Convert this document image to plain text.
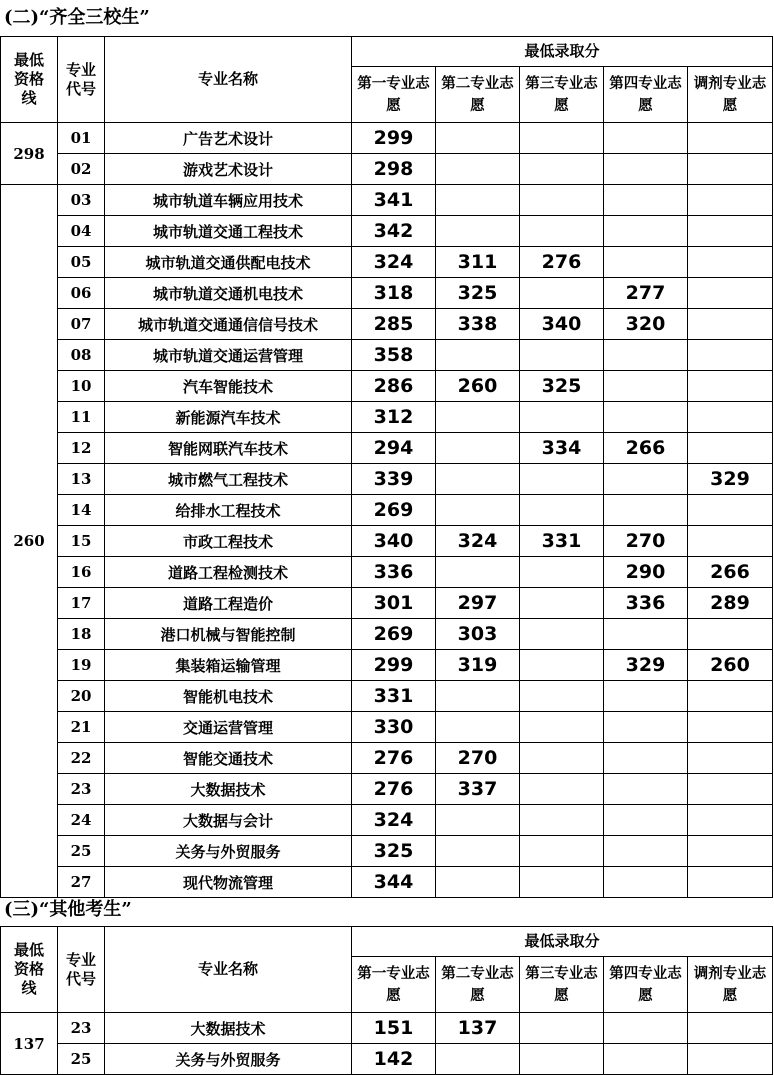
(二)“齐全三校生”
最低资格线	专业代号	专业名称	最低录取分				
			第一专业志愿	第二专业志愿	第三专业志愿	第四专业志愿	调剂专业志愿
298	01	广告艺术设计	299				
	02	游戏艺术设计	298				
260	03	城市轨道车辆应用技术	341				
	04	城市轨道交通工程技术	342				
	05	城市轨道交通供配电技术	324	311	276		
	06	城市轨道交通机电技术	318	325		277	
	07	城市轨道交通通信信号技术	285	338	340	320	
	08	城市轨道交通运营管理	358				
	10	汽车智能技术	286	260	325		
	11	新能源汽车技术	312				
	12	智能网联汽车技术	294		334	266	
	13	城市燃气工程技术	339				329
	14	给排水工程技术	269				
	15	市政工程技术	340	324	331	270	
	16	道路工程检测技术	336			290	266
	17	道路工程造价	301	297		336	289
	18	港口机械与智能控制	269	303			
	19	集装箱运输管理	299	319		329	260
	20	智能机电技术	331				
	21	交通运营管理	330				
	22	智能交通技术	276	270			
	23	大数据技术	276	337			
	24	大数据与会计	324				
	25	关务与外贸服务	325				
	27	现代物流管理	344				
(三)“其他考生”
最低资格线	专业代号	专业名称	最低录取分				
			第一专业志愿	第二专业志愿	第三专业志愿	第四专业志愿	调剂专业志愿
137	23	大数据技术	151	137			
	25	关务与外贸服务	142				
